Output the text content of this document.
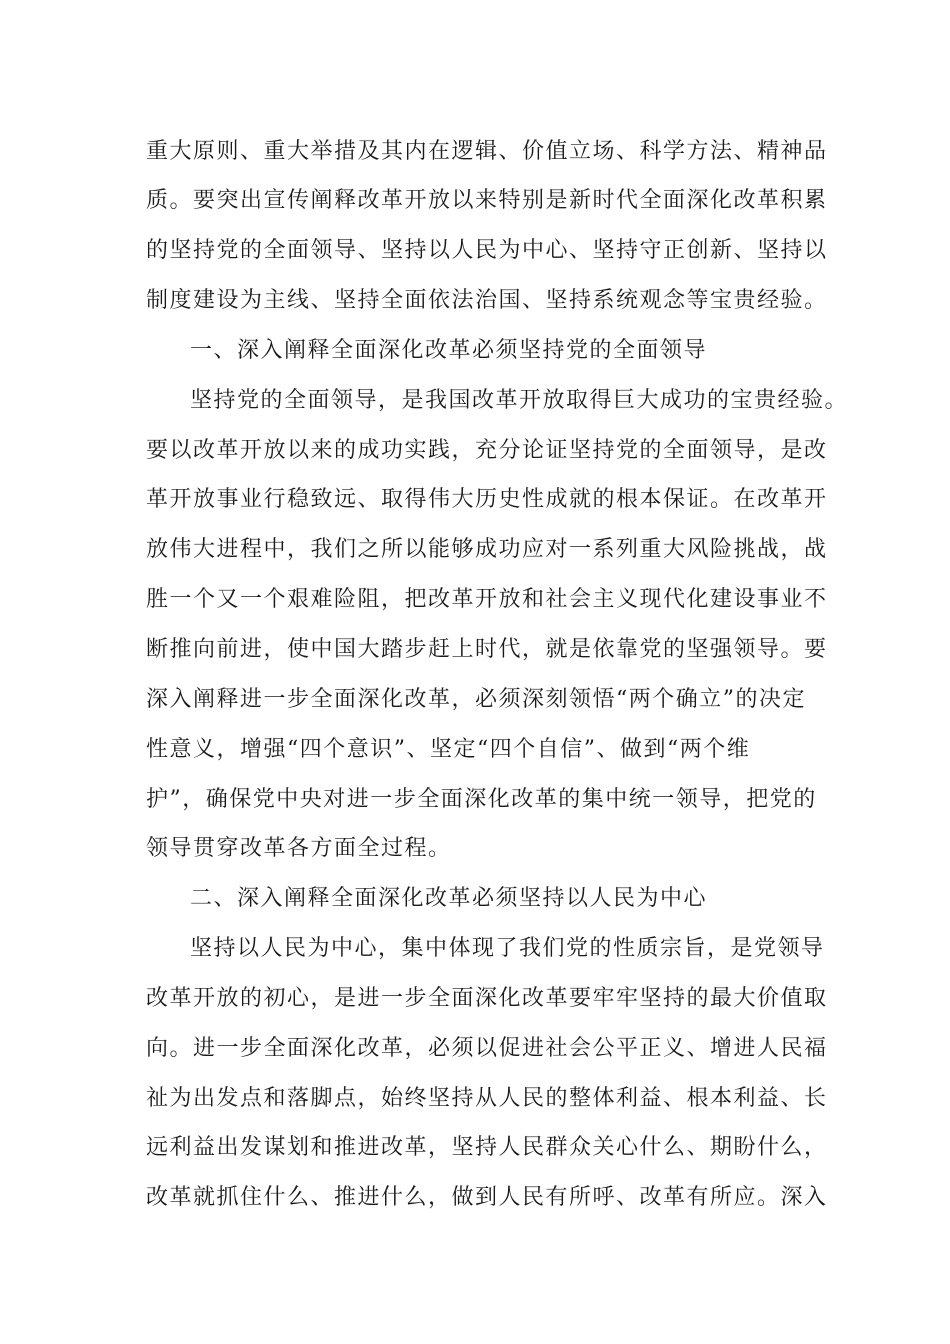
重大原则、重大举措及其内在逻辑、价值立场、科学方法、精神品
质。要突出宣传阐释改革开放以来特别是新时代全面深化改革积累
的坚持党的全面领导、坚持以人民为中心、坚持守正创新、坚持以
制度建设为主线、坚持全面依法治国、坚持系统观念等宝贵经验。
一、深入阐释全面深化改革必须坚持党的全面领导
坚持党的全面领导，是我国改革开放取得巨大成功的宝贵经验。
要以改革开放以来的成功实践，充分论证坚持党的全面领导，是改
革开放事业行稳致远、取得伟大历史性成就的根本保证。在改革开
放伟大进程中，我们之所以能够成功应对一系列重大风险挑战，战
胜一个又一个艰难险阻，把改革开放和社会主义现代化建设事业不
断推向前进，使中国大踏步赶上时代，就是依靠党的坚强领导。要
深入阐释进一步全面深化改革，必须深刻领悟“两个确立”的决定
性意义，增强“四个意识”、坚定“四个自信”、做到“两个维
护”，确保党中央对进一步全面深化改革的集中统一领导，把党的
领导贯穿改革各方面全过程。
二、深入阐释全面深化改革必须坚持以人民为中心
坚持以人民为中心，集中体现了我们党的性质宗旨，是党领导
改革开放的初心，是进一步全面深化改革要牢牢坚持的最大价值取
向。进一步全面深化改革，必须以促进社会公平正义、增进人民福
祉为出发点和落脚点，始终坚持从人民的整体利益、根本利益、长
远利益出发谋划和推进改革，坚持人民群众关心什么、期盼什么，
改革就抓住什么、推进什么，做到人民有所呼、改革有所应。深入
